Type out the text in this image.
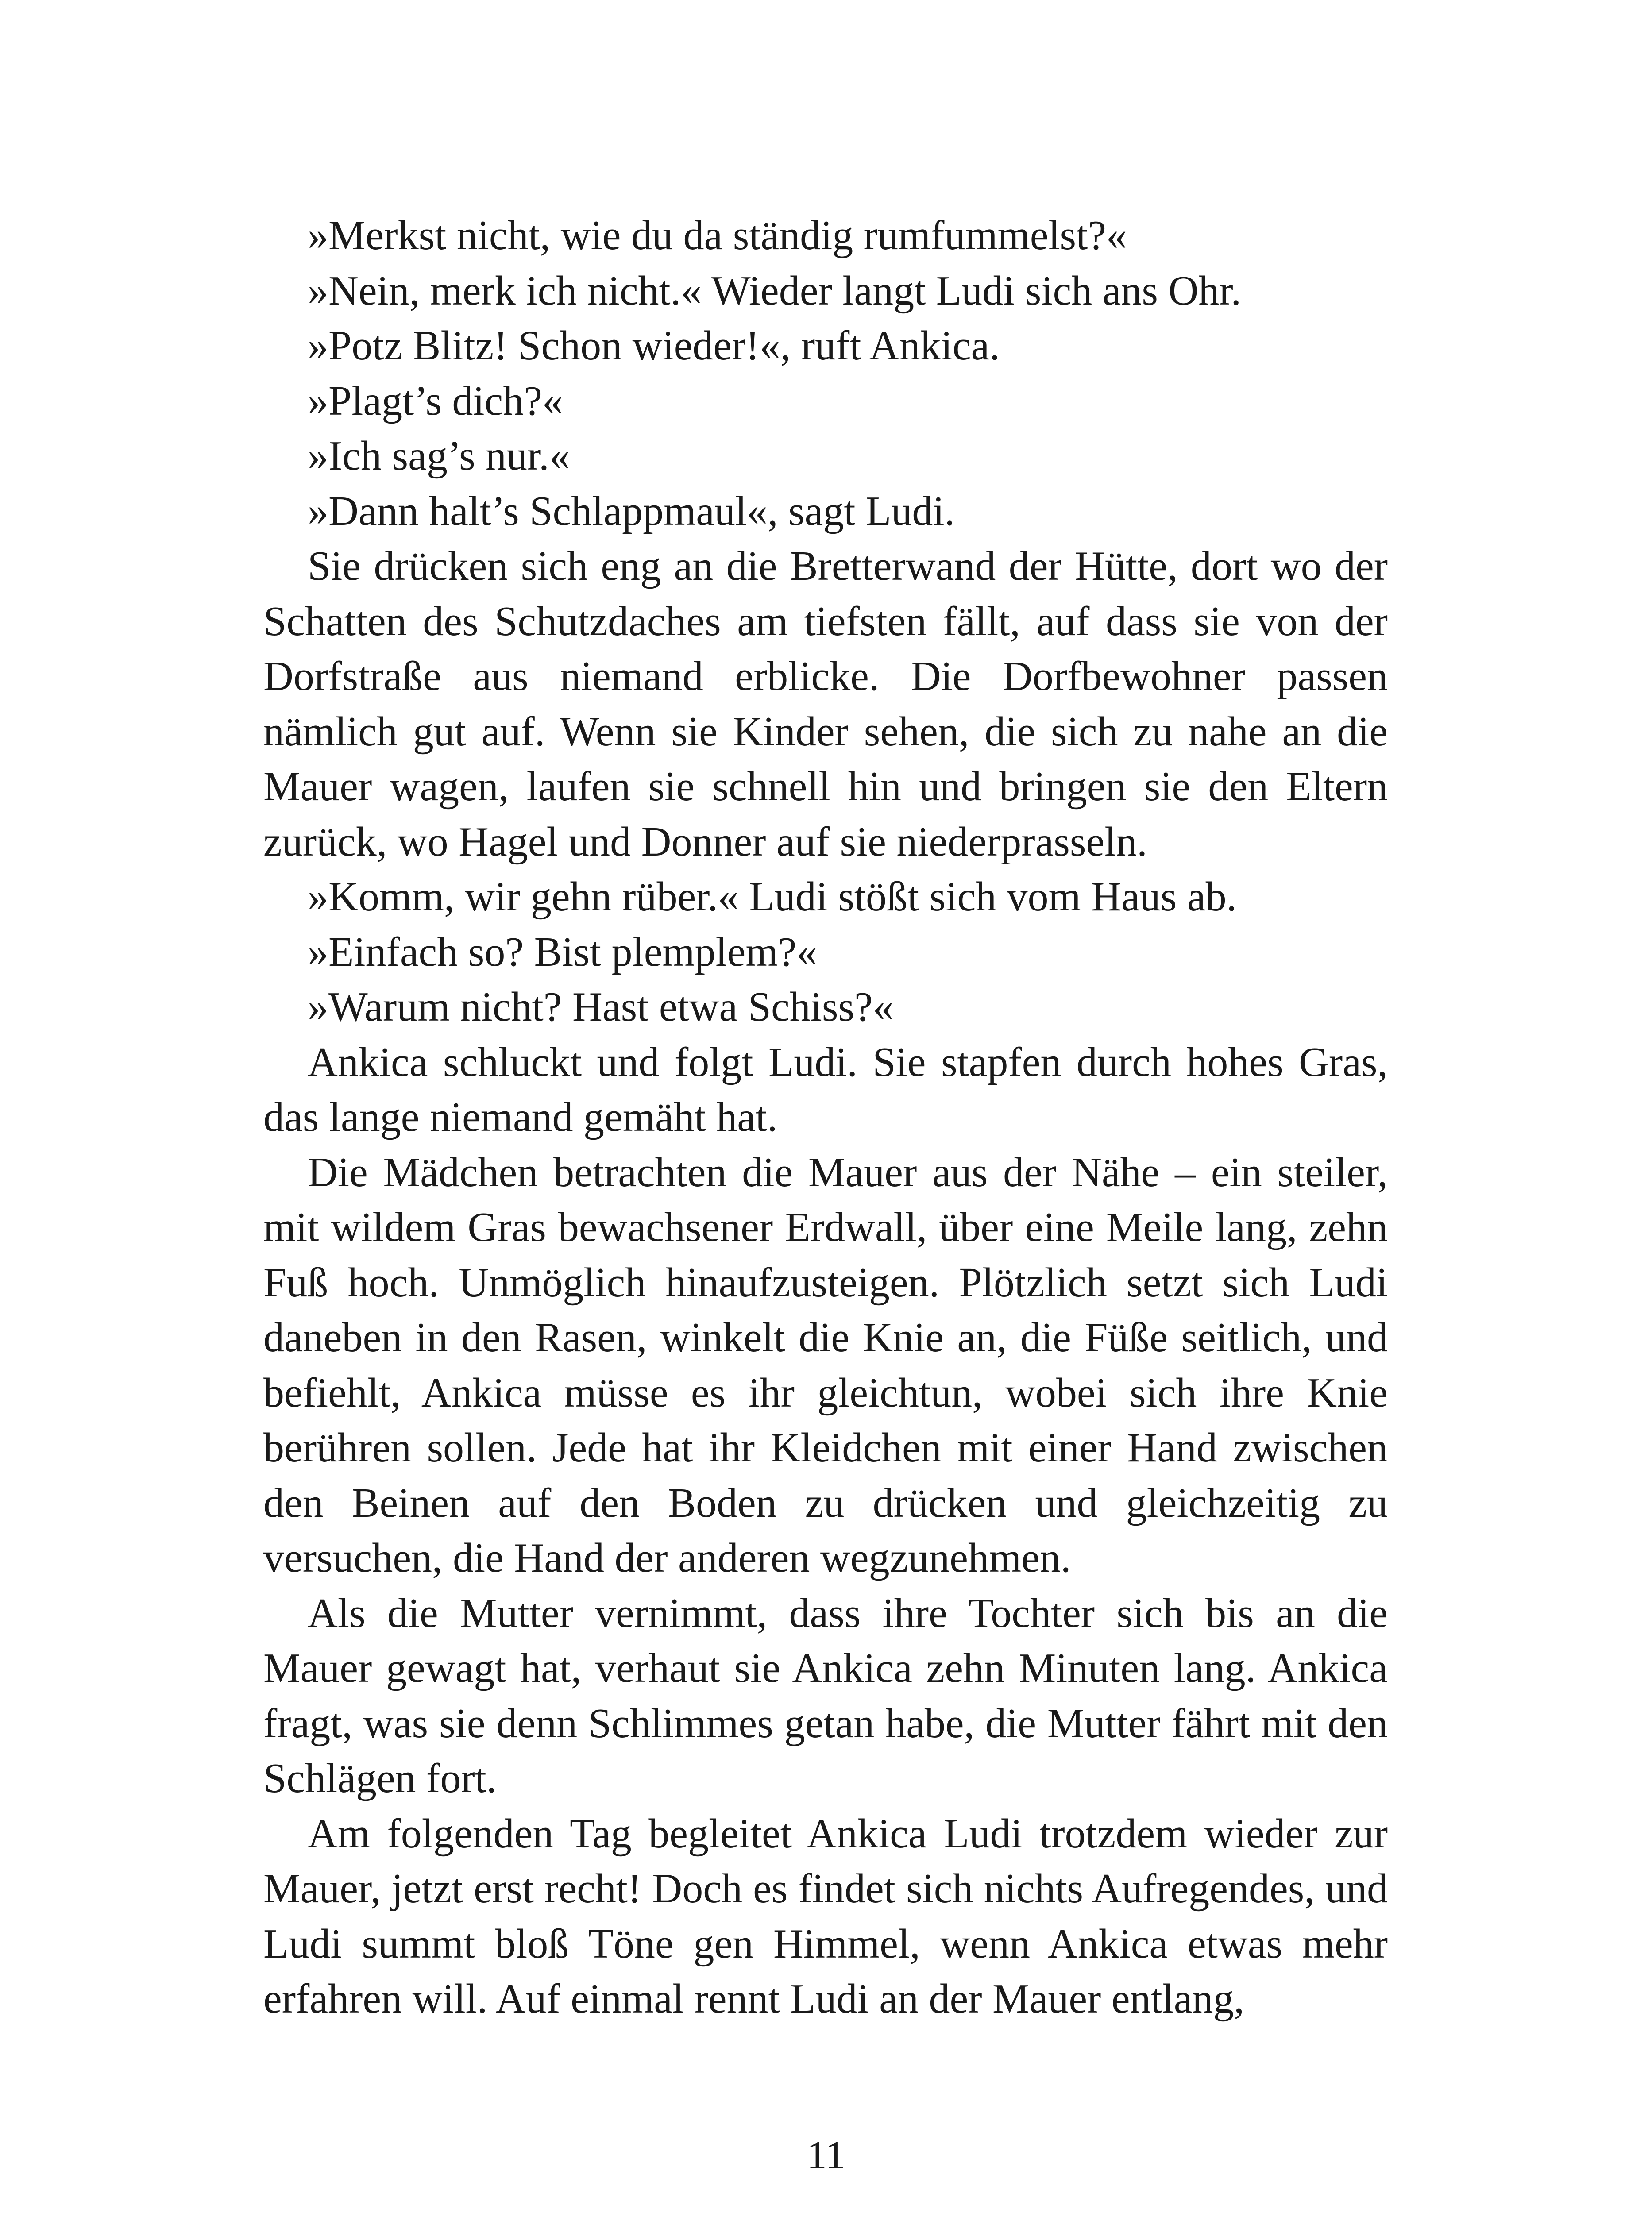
»Merkst nicht, wie du da ständig rumfummelst?«

»Nein, merk ich nicht.« Wieder langt Ludi sich ans Ohr.

»Potz Blitz! Schon wieder!«, ruft Ankica.

»Plagt’s dich?«

»Ich sag’s nur.«

»Dann halt’s Schlappmaul«, sagt Ludi.

Sie drücken sich eng an die Bretterwand der Hütte, dort wo der Schatten des Schutzdaches am tiefsten fällt, auf dass sie von der Dorfstraße aus niemand erblicke. Die Dorfbewohner passen nämlich gut auf. Wenn sie Kinder sehen, die sich zu nahe an die Mauer wagen, laufen sie schnell hin und bringen sie den Eltern zurück, wo Hagel und Donner auf sie niederprasseln.

»Komm, wir gehn rüber.« Ludi stößt sich vom Haus ab.

»Einfach so? Bist plemplem?«

»Warum nicht? Hast etwa Schiss?«

Ankica schluckt und folgt Ludi. Sie stapfen durch hohes Gras, das lange niemand gemäht hat.

Die Mädchen betrachten die Mauer aus der Nähe – ein steiler, mit wildem Gras bewachsener Erdwall, über eine Meile lang, zehn Fuß hoch. Unmöglich hinaufzusteigen. Plötzlich setzt sich Ludi daneben in den Rasen, winkelt die Knie an, die Füße seitlich, und befiehlt, Ankica müsse es ihr gleichtun, wobei sich ihre Knie berühren sollen. Jede hat ihr Kleidchen mit einer Hand zwischen den Beinen auf den Boden zu drücken und gleichzeitig zu versuchen, die Hand der anderen wegzunehmen.

Als die Mutter vernimmt, dass ihre Tochter sich bis an die Mauer gewagt hat, verhaut sie Ankica zehn Minuten lang. Ankica fragt, was sie denn Schlimmes getan habe, die Mutter fährt mit den Schlägen fort.

Am folgenden Tag begleitet Ankica Ludi trotzdem wieder zur Mauer, jetzt erst recht! Doch es findet sich nichts Aufregendes, und Ludi summt bloß Töne gen Himmel, wenn Ankica etwas mehr erfahren will. Auf einmal rennt Ludi an der Mauer entlang,

11
